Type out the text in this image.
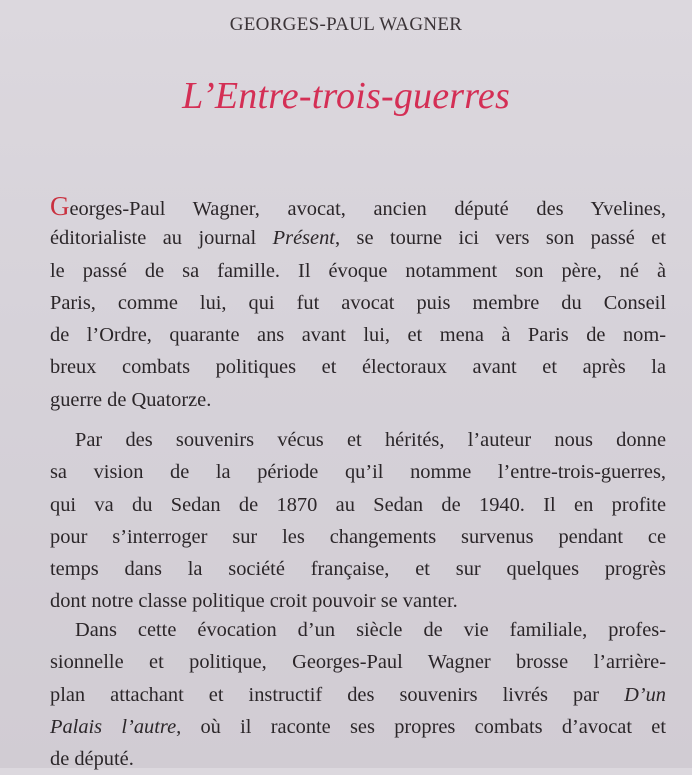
GEORGES-PAUL WAGNER
L’Entre-trois-guerres
Georges-Paul Wagner, avocat, ancien député des Yvelines,
éditorialiste au journal Présent, se tourne ici vers son passé et
le passé de sa famille. Il évoque notamment son père, né à
Paris, comme lui, qui fut avocat puis membre du Conseil
de l’Ordre, quarante ans avant lui, et mena à Paris de nom-
breux combats politiques et électoraux avant et après la
guerre de Quatorze.
Par des souvenirs vécus et hérités, l’auteur nous donne
sa vision de la période qu’il nomme l’entre-trois-guerres,
qui va du Sedan de 1870 au Sedan de 1940. Il en profite
pour s’interroger sur les changements survenus pendant ce
temps dans la société française, et sur quelques progrès
dont notre classe politique croit pouvoir se vanter.
Dans cette évocation d’un siècle de vie familiale, profes-
sionnelle et politique, Georges-Paul Wagner brosse l’arrière-
plan attachant et instructif des souvenirs livrés par D’un
Palais l’autre, où il raconte ses propres combats d’avocat et
de député.
